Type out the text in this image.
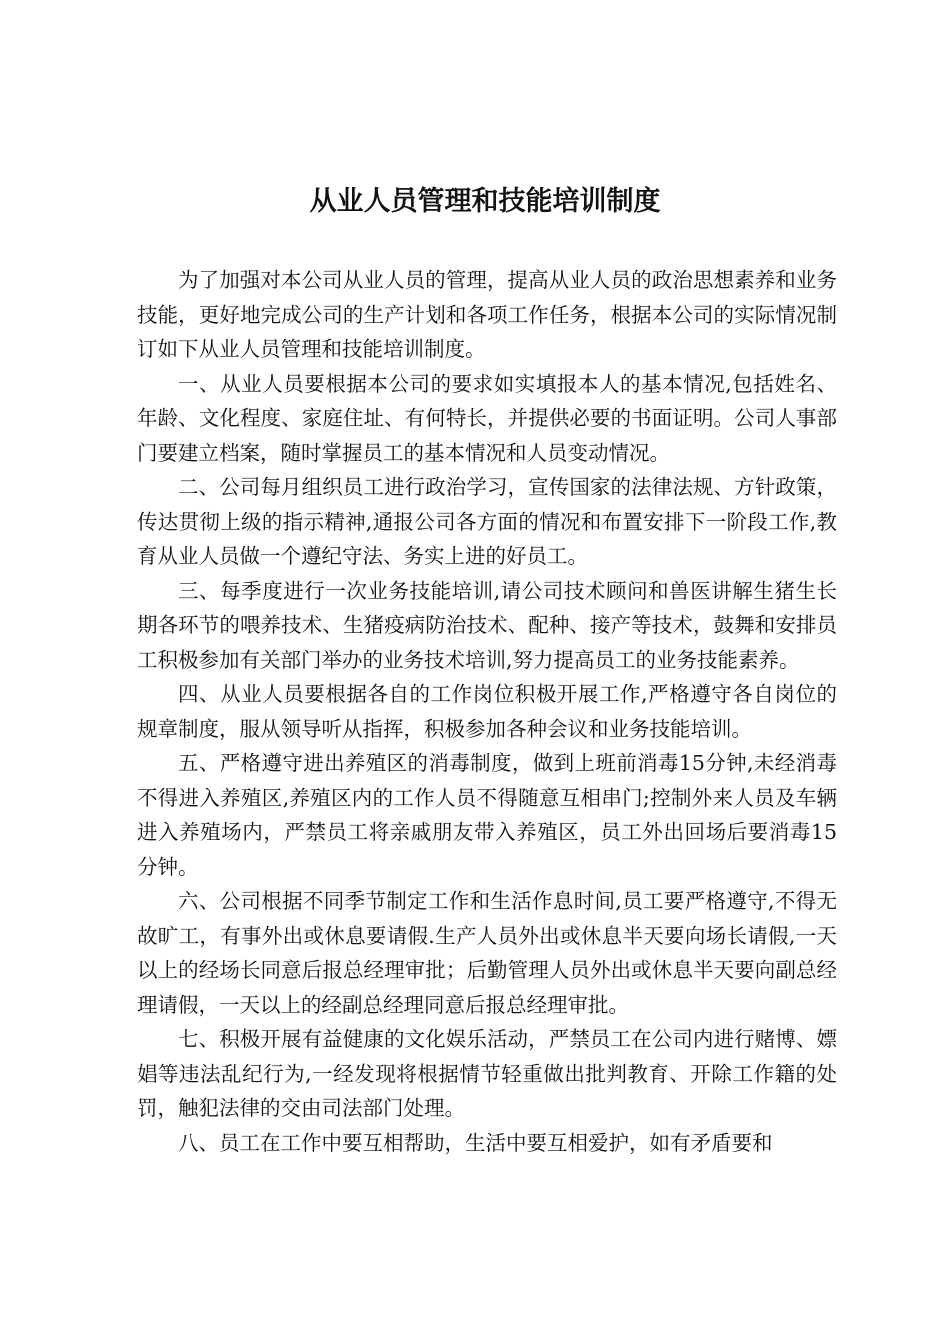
从业人员管理和技能培训制度

为了加强对本公司从业人员的管理，提高从业人员的政治思想素养和业务技能，更好地完成公司的生产计划和各项工作任务，根据本公司的实际情况制订如下从业人员管理和技能培训制度。

一、从业人员要根据本公司的要求如实填报本人的基本情况,包括姓名、年龄、文化程度、家庭住址、有何特长，并提供必要的书面证明。公司人事部门要建立档案，随时掌握员工的基本情况和人员变动情况。

二、公司每月组织员工进行政治学习，宣传国家的法律法规、方针政策，传达贯彻上级的指示精神,通报公司各方面的情况和布置安排下一阶段工作,教育从业人员做一个遵纪守法、务实上进的好员工。

三、每季度进行一次业务技能培训,请公司技术顾问和兽医讲解生猪生长期各环节的喂养技术、生猪疫病防治技术、配种、接产等技术，鼓舞和安排员工积极参加有关部门举办的业务技术培训,努力提高员工的业务技能素养。

四、从业人员要根据各自的工作岗位积极开展工作,严格遵守各自岗位的规章制度，服从领导听从指挥，积极参加各种会议和业务技能培训。

五、严格遵守进出养殖区的消毒制度，做到上班前消毒15分钟,未经消毒不得进入养殖区,养殖区内的工作人员不得随意互相串门;控制外来人员及车辆进入养殖场内，严禁员工将亲戚朋友带入养殖区，员工外出回场后要消毒15分钟。

六、公司根据不同季节制定工作和生活作息时间,员工要严格遵守,不得无故旷工，有事外出或休息要请假.生产人员外出或休息半天要向场长请假,一天以上的经场长同意后报总经理审批；后勤管理人员外出或休息半天要向副总经理请假，一天以上的经副总经理同意后报总经理审批。

七、积极开展有益健康的文化娱乐活动，严禁员工在公司内进行赌博、嫖娼等违法乱纪行为,一经发现将根据情节轻重做出批判教育、开除工作籍的处罚，触犯法律的交由司法部门处理。

八、员工在工作中要互相帮助，生活中要互相爱护，如有矛盾要和
